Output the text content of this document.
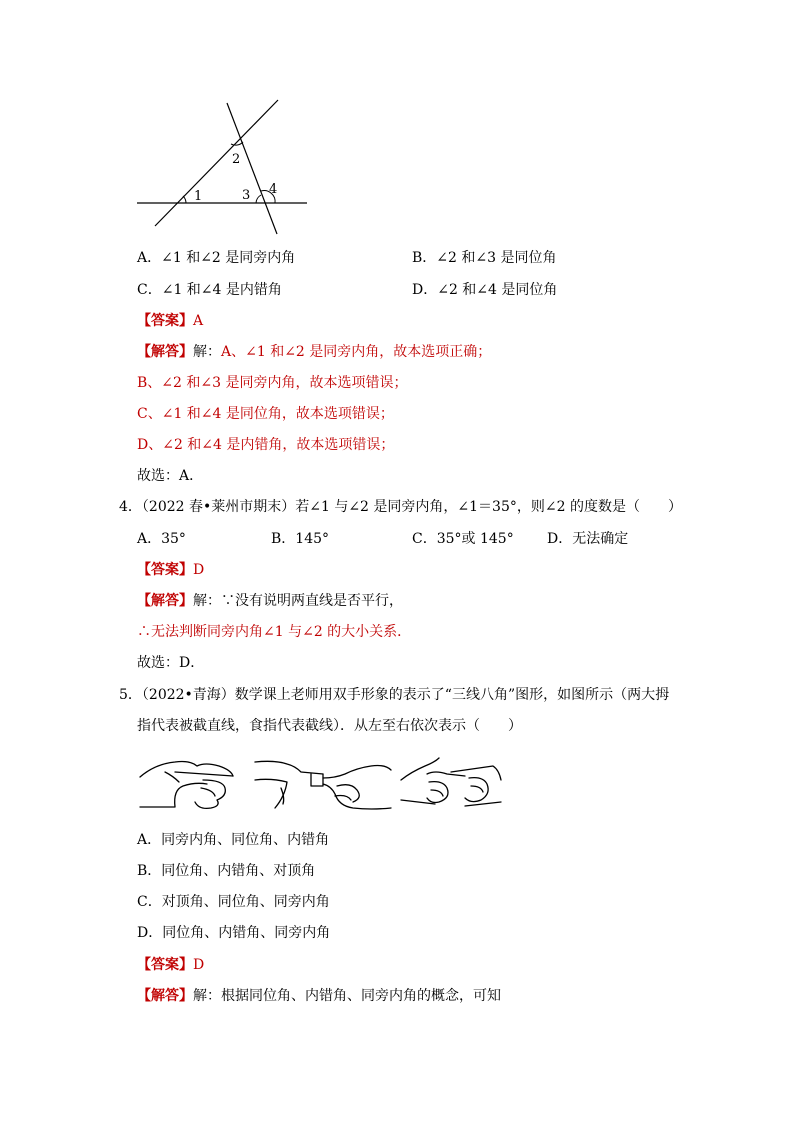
1
2
3 4
A．∠1 和∠2 是同旁内角	B．∠2 和∠3 是同位角
C．∠1 和∠4 是内错角	D．∠2 和∠4 是同位角
【答案】A
【解答】解：A、∠1 和∠2 是同旁内角，故本选项正确；
B、∠2 和∠3 是同旁内角，故本选项错误；
C、∠1 和∠4 是同位角，故本选项错误；
D、∠2 和∠4 是内错角，故本选项错误；
故选：A．
4．（2022 春•莱州市期末）若∠1 与∠2 是同旁内角，∠1＝35°，则∠2 的度数是（　　）
A．35°	B．145°	C．35°或 145° D．无法确定
【答案】D
【解答】解：∵没有说明两直线是否平行，
∴无法判断同旁内角∠1 与∠2 的大小关系．
故选：D．
5．（2022•青海）数学课上老师用双手形象的表示了“三线八角”图形，如图所示（两大拇
指代表被截直线，食指代表截线）．从左至右依次表示（　　）
A．同旁内角、同位角、内错角
B．同位角、内错角、对顶角
C．对顶角、同位角、同旁内角
D．同位角、内错角、同旁内角
【答案】D
【解答】解：根据同位角、内错角、同旁内角的概念，可知
